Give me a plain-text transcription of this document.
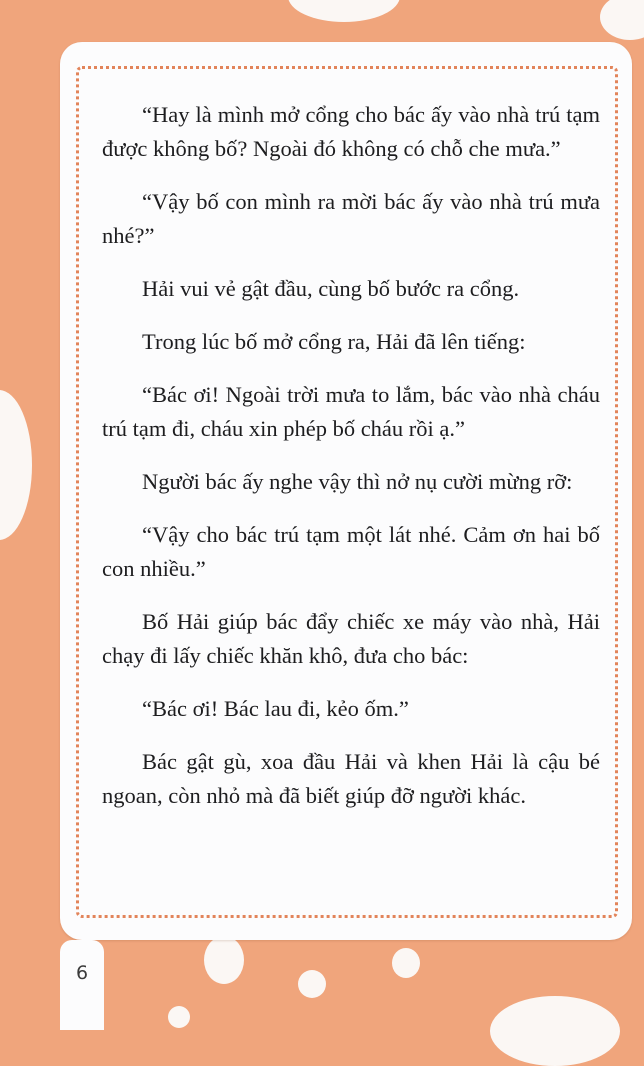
“Hay là mình mở cổng cho bác ấy vào nhà trú tạm được không bố? Ngoài đó không có chỗ che mưa.”

“Vậy bố con mình ra mời bác ấy vào nhà trú mưa nhé?”

Hải vui vẻ gật đầu, cùng bố bước ra cổng.

Trong lúc bố mở cổng ra, Hải đã lên tiếng:

“Bác ơi! Ngoài trời mưa to lắm, bác vào nhà cháu trú tạm đi, cháu xin phép bố cháu rồi ạ.”

Người bác ấy nghe vậy thì nở nụ cười mừng rỡ:

“Vậy cho bác trú tạm một lát nhé. Cảm ơn hai bố con nhiều.”

Bố Hải giúp bác đẩy chiếc xe máy vào nhà, Hải chạy đi lấy chiếc khăn khô, đưa cho bác:

“Bác ơi! Bác lau đi, kẻo ốm.”

Bác gật gù, xoa đầu Hải và khen Hải là cậu bé ngoan, còn nhỏ mà đã biết giúp đỡ người khác.

6
